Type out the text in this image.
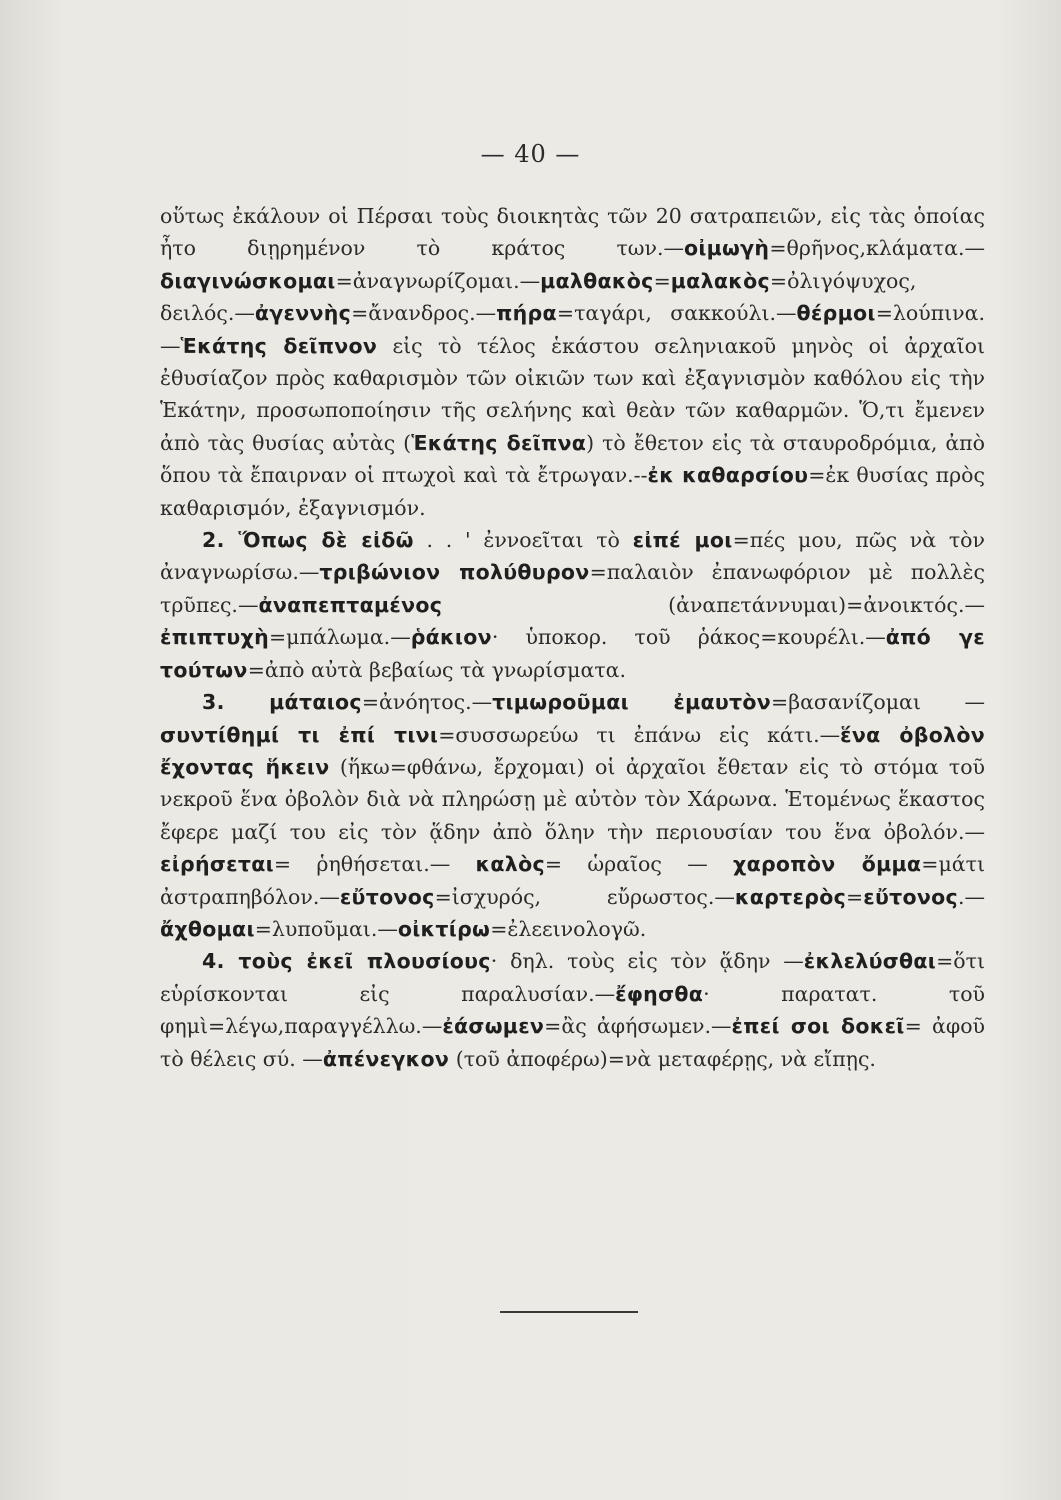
— 40 —

οὕτως ἐκάλουν οἱ Πέρσαι τοὺς διοικητὰς τῶν 20 σατραπειῶν, εἰς τὰς ὁποίας ἦτο διῃρημένον τὸ κράτος των.—οἰμωγὴ=θρῆνος,κλάματα.—διαγινώσκομαι=ἀναγνωρίζομαι.—μαλθακὸς=μαλακὸς=ὀλιγόψυχος, δειλός.—ἀγεννὴς=ἄνανδρος.—πήρα=ταγάρι, σακκούλι.—θέρμοι=λούπινα.—Ἑκάτης δεῖπνον εἰς τὸ τέλος ἑκάστου σεληνιακοῦ μηνὸς οἱ ἀρχαῖοι ἐθυσίαζον πρὸς καθαρισμὸν τῶν οἰκιῶν των καὶ ἐξαγνισμὸν καθόλου εἰς τὴν Ἑκάτην, προσωποποίησιν τῆς σελήνης καὶ θεὰν τῶν καθαρμῶν. Ὅ,τι ἔμενεν ἀπὸ τὰς θυσίας αὐτὰς (Ἑκάτης δεῖπνα) τὸ ἔθετον εἰς τὰ σταυροδρόμια, ἀπὸ ὅπου τὰ ἔπαιρναν οἱ πτωχοὶ καὶ τὰ ἔτρωγαν.--ἐκ καθαρσίου=ἐκ θυσίας πρὸς καθαρισμόν, ἐξαγνισμόν.

2. Ὅπως δὲ εἰδῶ . . ' ἐννοεῖται τὸ εἰπέ μοι=πές μου, πῶς νὰ τὸν ἀναγνωρίσω.—τριβώνιον πολύθυρον=παλαιὸν ἐπανωφόριον μὲ πολλὲς τρῦπες.—ἀναπεπταμένος (ἀναπετάννυμαι)=ἀνοικτός.—ἐπιπτυχὴ=μπάλωμα.—ῥάκιον· ὑποκορ. τοῦ ῥάκος=κουρέλι.—ἀπό γε τούτων=ἀπὸ αὐτὰ βεβαίως τὰ γνωρίσματα.

3. μάταιος=ἀνόητος.—τιμωροῦμαι ἐμαυτὸν=βασανίζομαι —συντίθημί τι ἐπί τινι=συσσωρεύω τι ἐπάνω εἰς κάτι.—ἕνα ὀβολὸν ἔχοντας ἥκειν (ἥκω=φθάνω, ἔρχομαι) οἱ ἀρχαῖοι ἔθεταν εἰς τὸ στόμα τοῦ νεκροῦ ἕνα ὀβολὸν διὰ νὰ πληρώσῃ μὲ αὐτὸν τὸν Χάρωνα. Ἑτομένως ἕκαστος ἔφερε μαζί του εἰς τὸν ᾅδην ἀπὸ ὅλην τὴν περιουσίαν του ἕνα ὀβολόν.—εἰρήσεται= ῥηθήσεται.— καλὸς= ὡραῖος — χαροπὸν ὄμμα=μάτι ἀστραπηβόλον.—εὔτονος=ἰσχυρός, εὔρωστος.—καρτερὸς=εὔτονος.—ἄχθομαι=λυποῦμαι.—οἰκτίρω=ἐλεεινολογῶ.

4. τοὺς ἐκεῖ πλουσίους· δηλ. τοὺς εἰς τὸν ᾅδην —ἐκλελύσθαι=ὅτι εὑρίσκονται εἰς παραλυσίαν.—ἔφησθα· παρατατ. τοῦ φημὶ=λέγω,παραγγέλλω.—ἐάσωμεν=ἂς ἀφήσωμεν.—ἐπεί σοι δοκεῖ= ἀφοῦ τὸ θέλεις σύ. —ἀπένεγκον (τοῦ ἀποφέρω)=νὰ μεταφέρῃς, νὰ εἴπῃς.
